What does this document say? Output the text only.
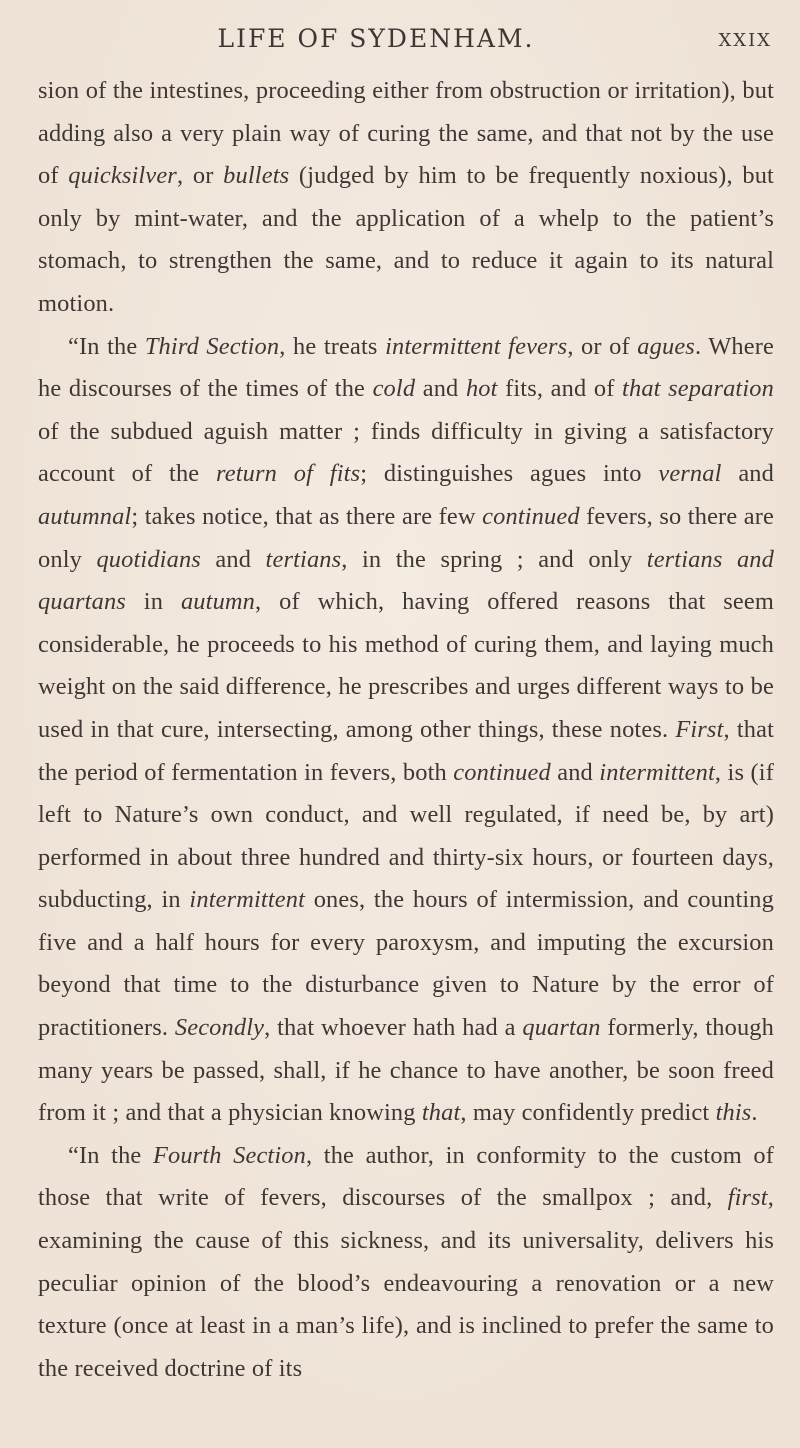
LIFE OF SYDENHAM.	XXIX

sion of the intestines, proceeding either from obstruction or irritation), but adding also a very plain way of curing the same, and that not by the use of quicksilver, or bullets (judged by him to be frequently noxious), but only by mint-water, and the application of a whelp to the patient’s stomach, to strengthen the same, and to reduce it again to its natural motion.

“In the Third Section, he treats intermittent fevers, or of agues. Where he discourses of the times of the cold and hot fits, and of that separation of the subdued aguish matter ; finds difficulty in giving a satisfactory account of the return of fits; distinguishes agues into vernal and autumnal; takes notice, that as there are few continued fevers, so there are only quotidians and tertians, in the spring ; and only tertians and quartans in autumn, of which, having offered reasons that seem considerable, he proceeds to his method of curing them, and laying much weight on the said difference, he prescribes and urges different ways to be used in that cure, intersecting, among other things, these notes. First, that the period of fermentation in fevers, both continued and intermittent, is (if left to Nature’s own conduct, and well regulated, if need be, by art) performed in about three hundred and thirty-six hours, or fourteen days, subducting, in intermittent ones, the hours of intermission, and counting five and a half hours for every paroxysm, and imputing the excursion beyond that time to the disturbance given to Nature by the error of practitioners. Secondly, that whoever hath had a quartan formerly, though many years be passed, shall, if he chance to have another, be soon freed from it ; and that a physician knowing that, may confidently predict this.

“In the Fourth Section, the author, in conformity to the custom of those that write of fevers, discourses of the smallpox ; and, first, examining the cause of this sickness, and its universality, delivers his peculiar opinion of the blood’s endeavouring a renovation or a new texture (once at least in a man’s life), and is inclined to prefer the same to the received doctrine of its
